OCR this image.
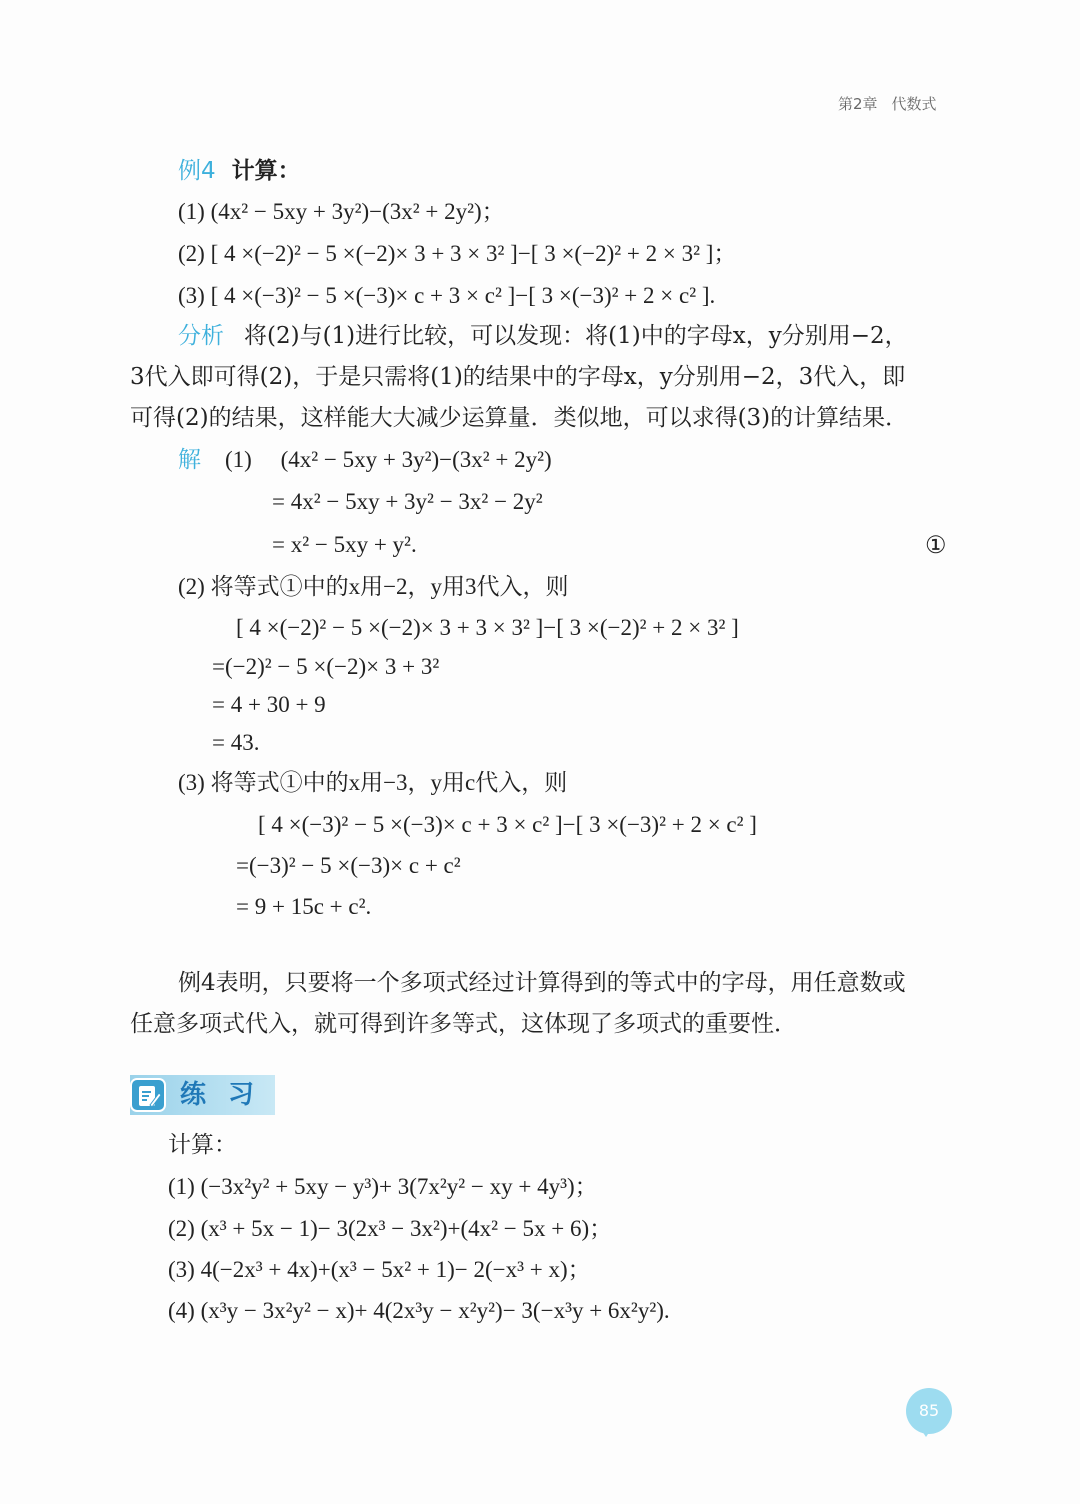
第2章 代数式
例4 计算：
(1) (4x² − 5xy + 3y²)−(3x² + 2y²)；
(2) [ 4 ×(−2)² − 5 ×(−2)× 3 + 3 × 3² ]−[ 3 ×(−2)² + 2 × 3² ]；
(3) [ 4 ×(−3)² − 5 ×(−3)× c + 3 × c² ]−[ 3 ×(−3)² + 2 × c² ].
分析 将(2)与(1)进行比较，可以发现：将(1)中的字母x，y分别用−2，
3代入即可得(2)，于是只需将(1)的结果中的字母x，y分别用−2，3代入，即
可得(2)的结果，这样能大大减少运算量．类似地，可以求得(3)的计算结果．
解 (1)　 (4x² − 5xy + 3y²)−(3x² + 2y²)
= 4x² − 5xy + 3y² − 3x² − 2y²
= x² − 5xy + y².	①
(2) 将等式①中的x用−2，y用3代入，则
[ 4 ×(−2)² − 5 ×(−2)× 3 + 3 × 3² ]−[ 3 ×(−2)² + 2 × 3² ]
=(−2)² − 5 ×(−2)× 3 + 3²
= 4 + 30 + 9
= 43.
(3) 将等式①中的x用−3，y用c代入，则
[ 4 ×(−3)² − 5 ×(−3)× c + 3 × c² ]−[ 3 ×(−3)² + 2 × c² ]
=(−3)² − 5 ×(−3)× c + c²
= 9 + 15c + c².
例4表明，只要将一个多项式经过计算得到的等式中的字母，用任意数或
任意多项式代入，就可得到许多等式，这体现了多项式的重要性．
练习
计算：
(1) (−3x²y² + 5xy − y³)+ 3(7x²y² − xy + 4y³)；
(2) (x³ + 5x − 1)− 3(2x³ − 3x²)+(4x² − 5x + 6)；
(3) 4(−2x³ + 4x)+(x³ − 5x² + 1)− 2(−x³ + x)；
(4) (x³y − 3x²y² − x)+ 4(2x³y − x²y²)− 3(−x³y + 6x²y²).
85
